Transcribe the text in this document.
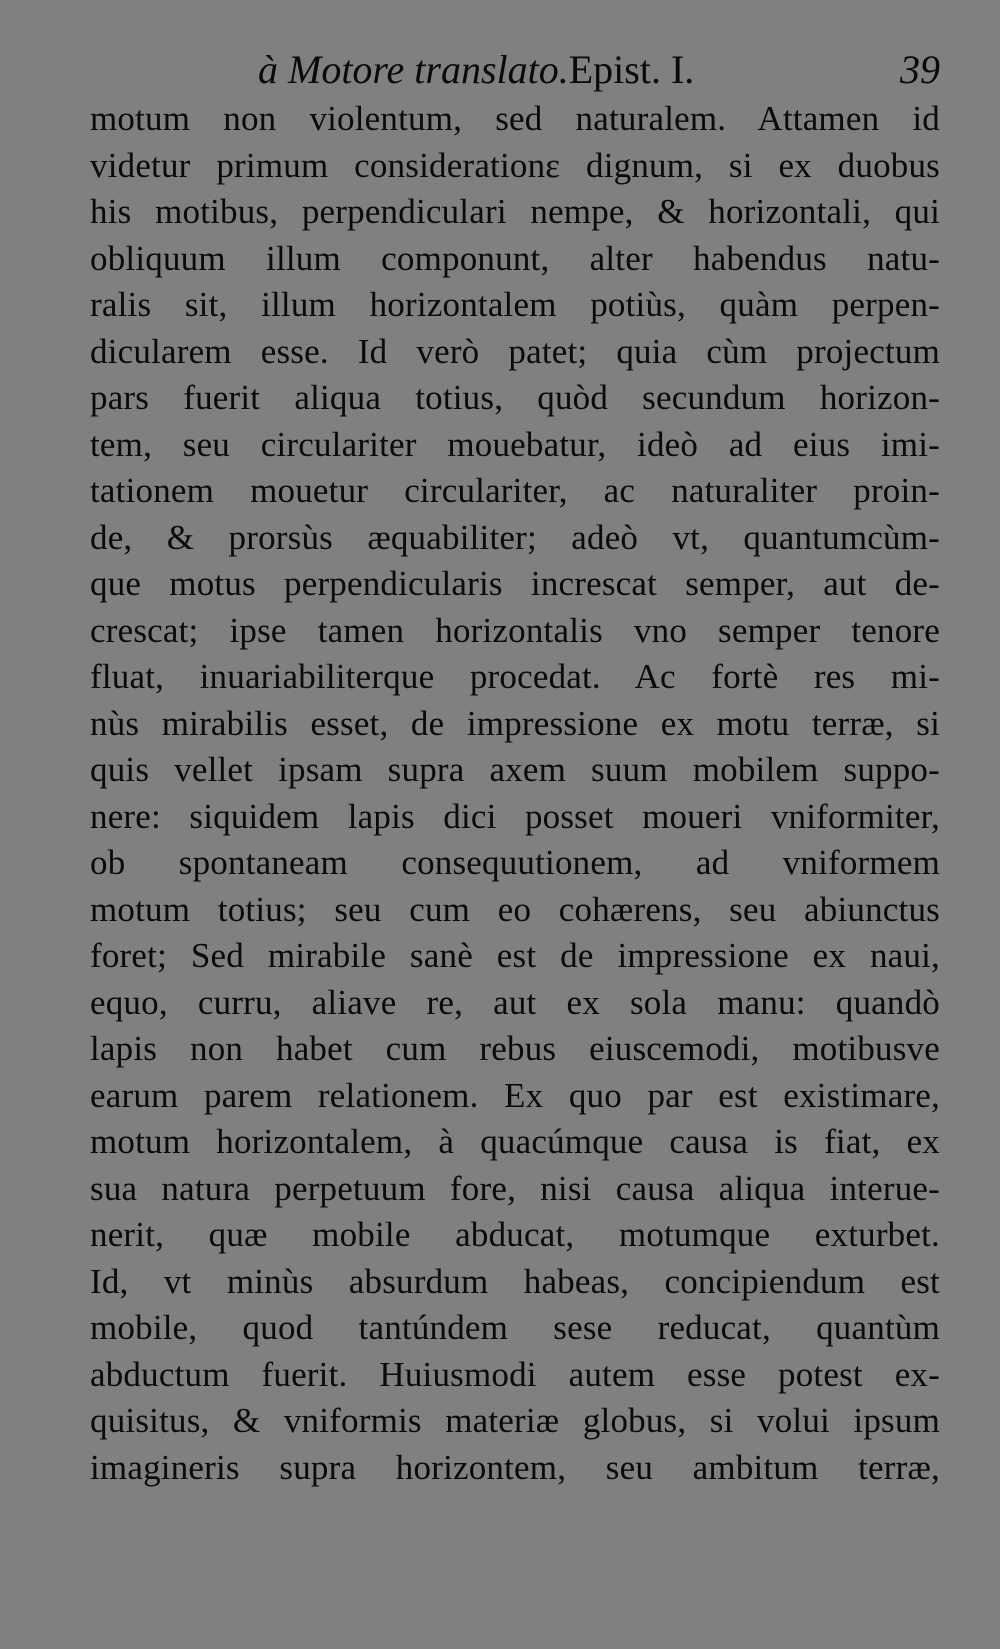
à Motore translato.Epist. I.	39
motum non violentum, sed naturalem. Attamen id
videtur primum considerationε dignum, si ex duobus
his motibus, perpendiculari nempe, & horizontali, qui
obliquum illum componunt, alter habendus natu-
ralis sit, illum horizontalem potiùs, quàm perpen-
dicularem esse. Id verò patet; quia cùm projectum
pars fuerit aliqua totius, quòd secundum horizon-
tem, seu circulariter mouebatur, ideò ad eius imi-
tationem mouetur circulariter, ac naturaliter proin-
de, & prorsùs æquabiliter; adeò vt, quantumcùm-
que motus perpendicularis increscat semper, aut de-
crescat; ipse tamen horizontalis vno semper tenore
fluat, inuariabiliterque procedat. Ac fortè res mi-
nùs mirabilis esset, de impressione ex motu terræ, si
quis vellet ipsam supra axem suum mobilem suppo-
nere: siquidem lapis dici posset moueri vniformiter,
ob spontaneam consequutionem, ad vniformem
motum totius; seu cum eo cohærens, seu abiunctus
foret; Sed mirabile sanè est de impressione ex naui,
equo, curru, aliave re, aut ex sola manu: quandò
lapis non habet cum rebus eiuscemodi, motibusve
earum parem relationem. Ex quo par est existimare,
motum horizontalem, à quacúmque causa is fiat, ex
sua natura perpetuum fore, nisi causa aliqua interue-
nerit, quæ mobile abducat, motumque exturbet.
Id, vt minùs absurdum habeas, concipiendum est
mobile, quod tantúndem sese reducat, quantùm
abductum fuerit. Huiusmodi autem esse potest ex-
quisitus, & vniformis materiæ globus, si volui ipsum
imagineris supra horizontem, seu ambitum terræ,
